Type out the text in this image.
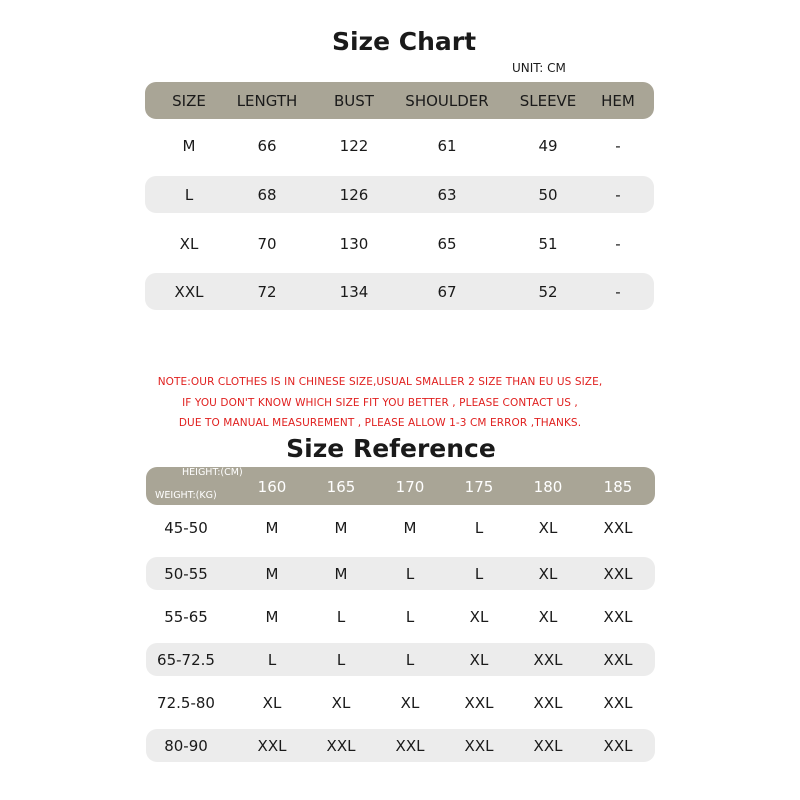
Size Chart
UNIT: CM
SIZE LENGTH BUST SHOULDER SLEEVE HEM
M	66	122	61	49	-
L	68	126	63	50	-
XL	70	130	65	51	-
XXL	72	134	67	52	-
NOTE:OUR CLOTHES IS IN CHINESE SIZE,USUAL SMALLER 2 SIZE THAN EU US SIZE,
IF YOU DON'T KNOW WHICH SIZE FIT YOU BETTER , PLEASE CONTACT US ,
DUE TO MANUAL MEASUREMENT , PLEASE ALLOW 1-3 CM ERROR ,THANKS.
Size Reference
HEIGHT:(CM)
WEIGHT:(KG)	160	165	170	175	180	185
45-50	M	M	M	L	XL	XXL
50-55	M	M	L	L	XL	XXL
55-65	M	L	L	XL	XL	XXL
65-72.5	L	L	L	XL	XXL	XXL
72.5-80	XL	XL	XL	XXL	XXL	XXL
80-90	XXL	XXL	XXL	XXL	XXL	XXL
